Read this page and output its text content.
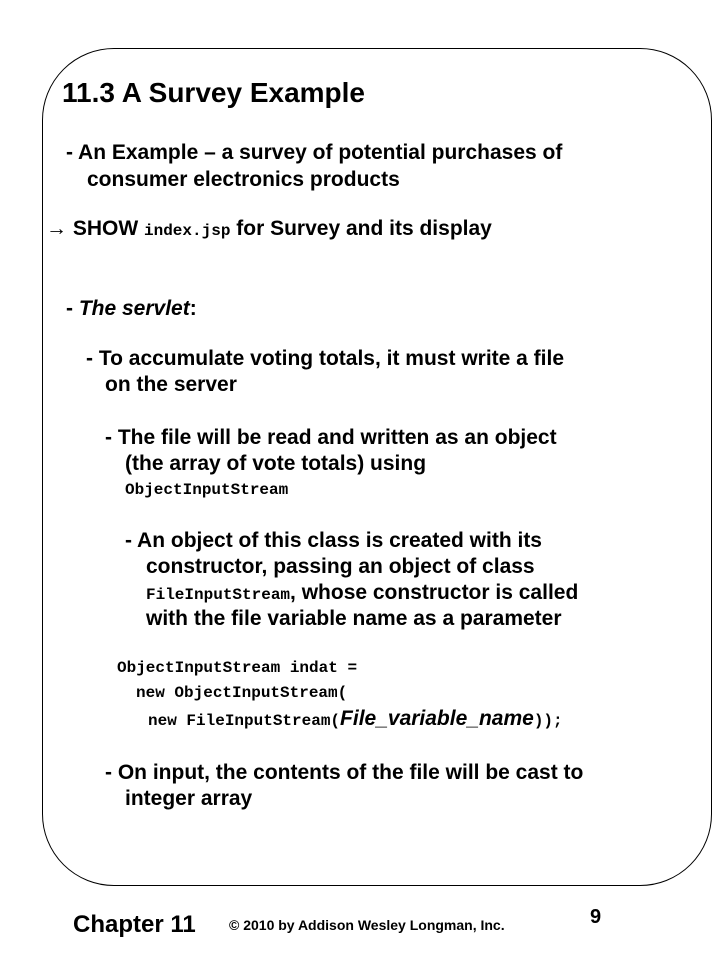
11.3 A Survey Example
- An Example – a survey of potential purchases of
consumer electronics products
→ SHOW index.jsp for Survey and its display
- The servlet:
- To accumulate voting totals, it must write a file
on the server
- The file will be read and written as an object
(the array of vote totals) using
ObjectInputStream
- An object of this class is created with its
constructor, passing an object of class
FileInputStream, whose constructor is called
with the file variable name as a parameter
ObjectInputStream indat =
new ObjectInputStream(
new FileInputStream(File_variable_name));
- On input, the contents of the file will be cast to
integer array
Chapter 11 © 2010 by Addison Wesley Longman, Inc.	9
